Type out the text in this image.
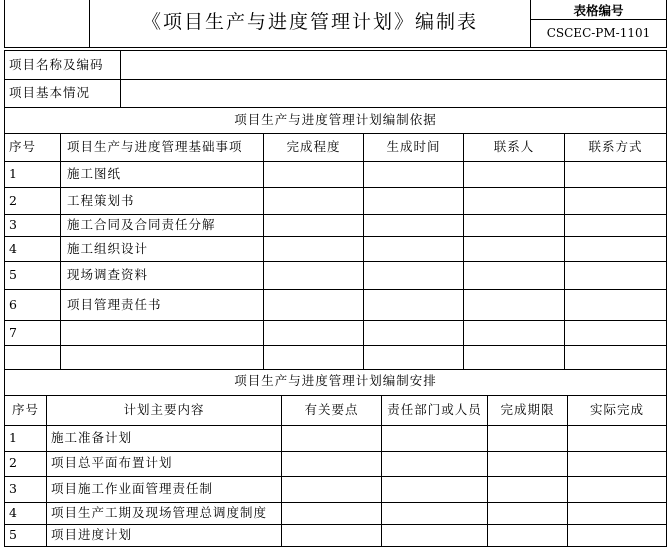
	《项目生产与进度管理计划》编制表	表格编号
CSCEC-PM-1101
项目名称及编码	
项目基本情况	
项目生产与进度管理计划编制依据					
序号	项目生产与进度管理基础事项	完成程度	生成时间	联系人	联系方式
1	施工图纸				
2	工程策划书				
3	施工合同及合同责任分解				
4	施工组织设计				
5	现场调查资料				
6	项目管理责任书				
7					

项目生产与进度管理计划编制安排					
序号	计划主要内容	有关要点	责任部门或人员	完成期限	实际完成
1	施工准备计划				
2	项目总平面布置计划				
3	项目施工作业面管理责任制				
4	项目生产工期及现场管理总调度制度				
5	项目进度计划				
